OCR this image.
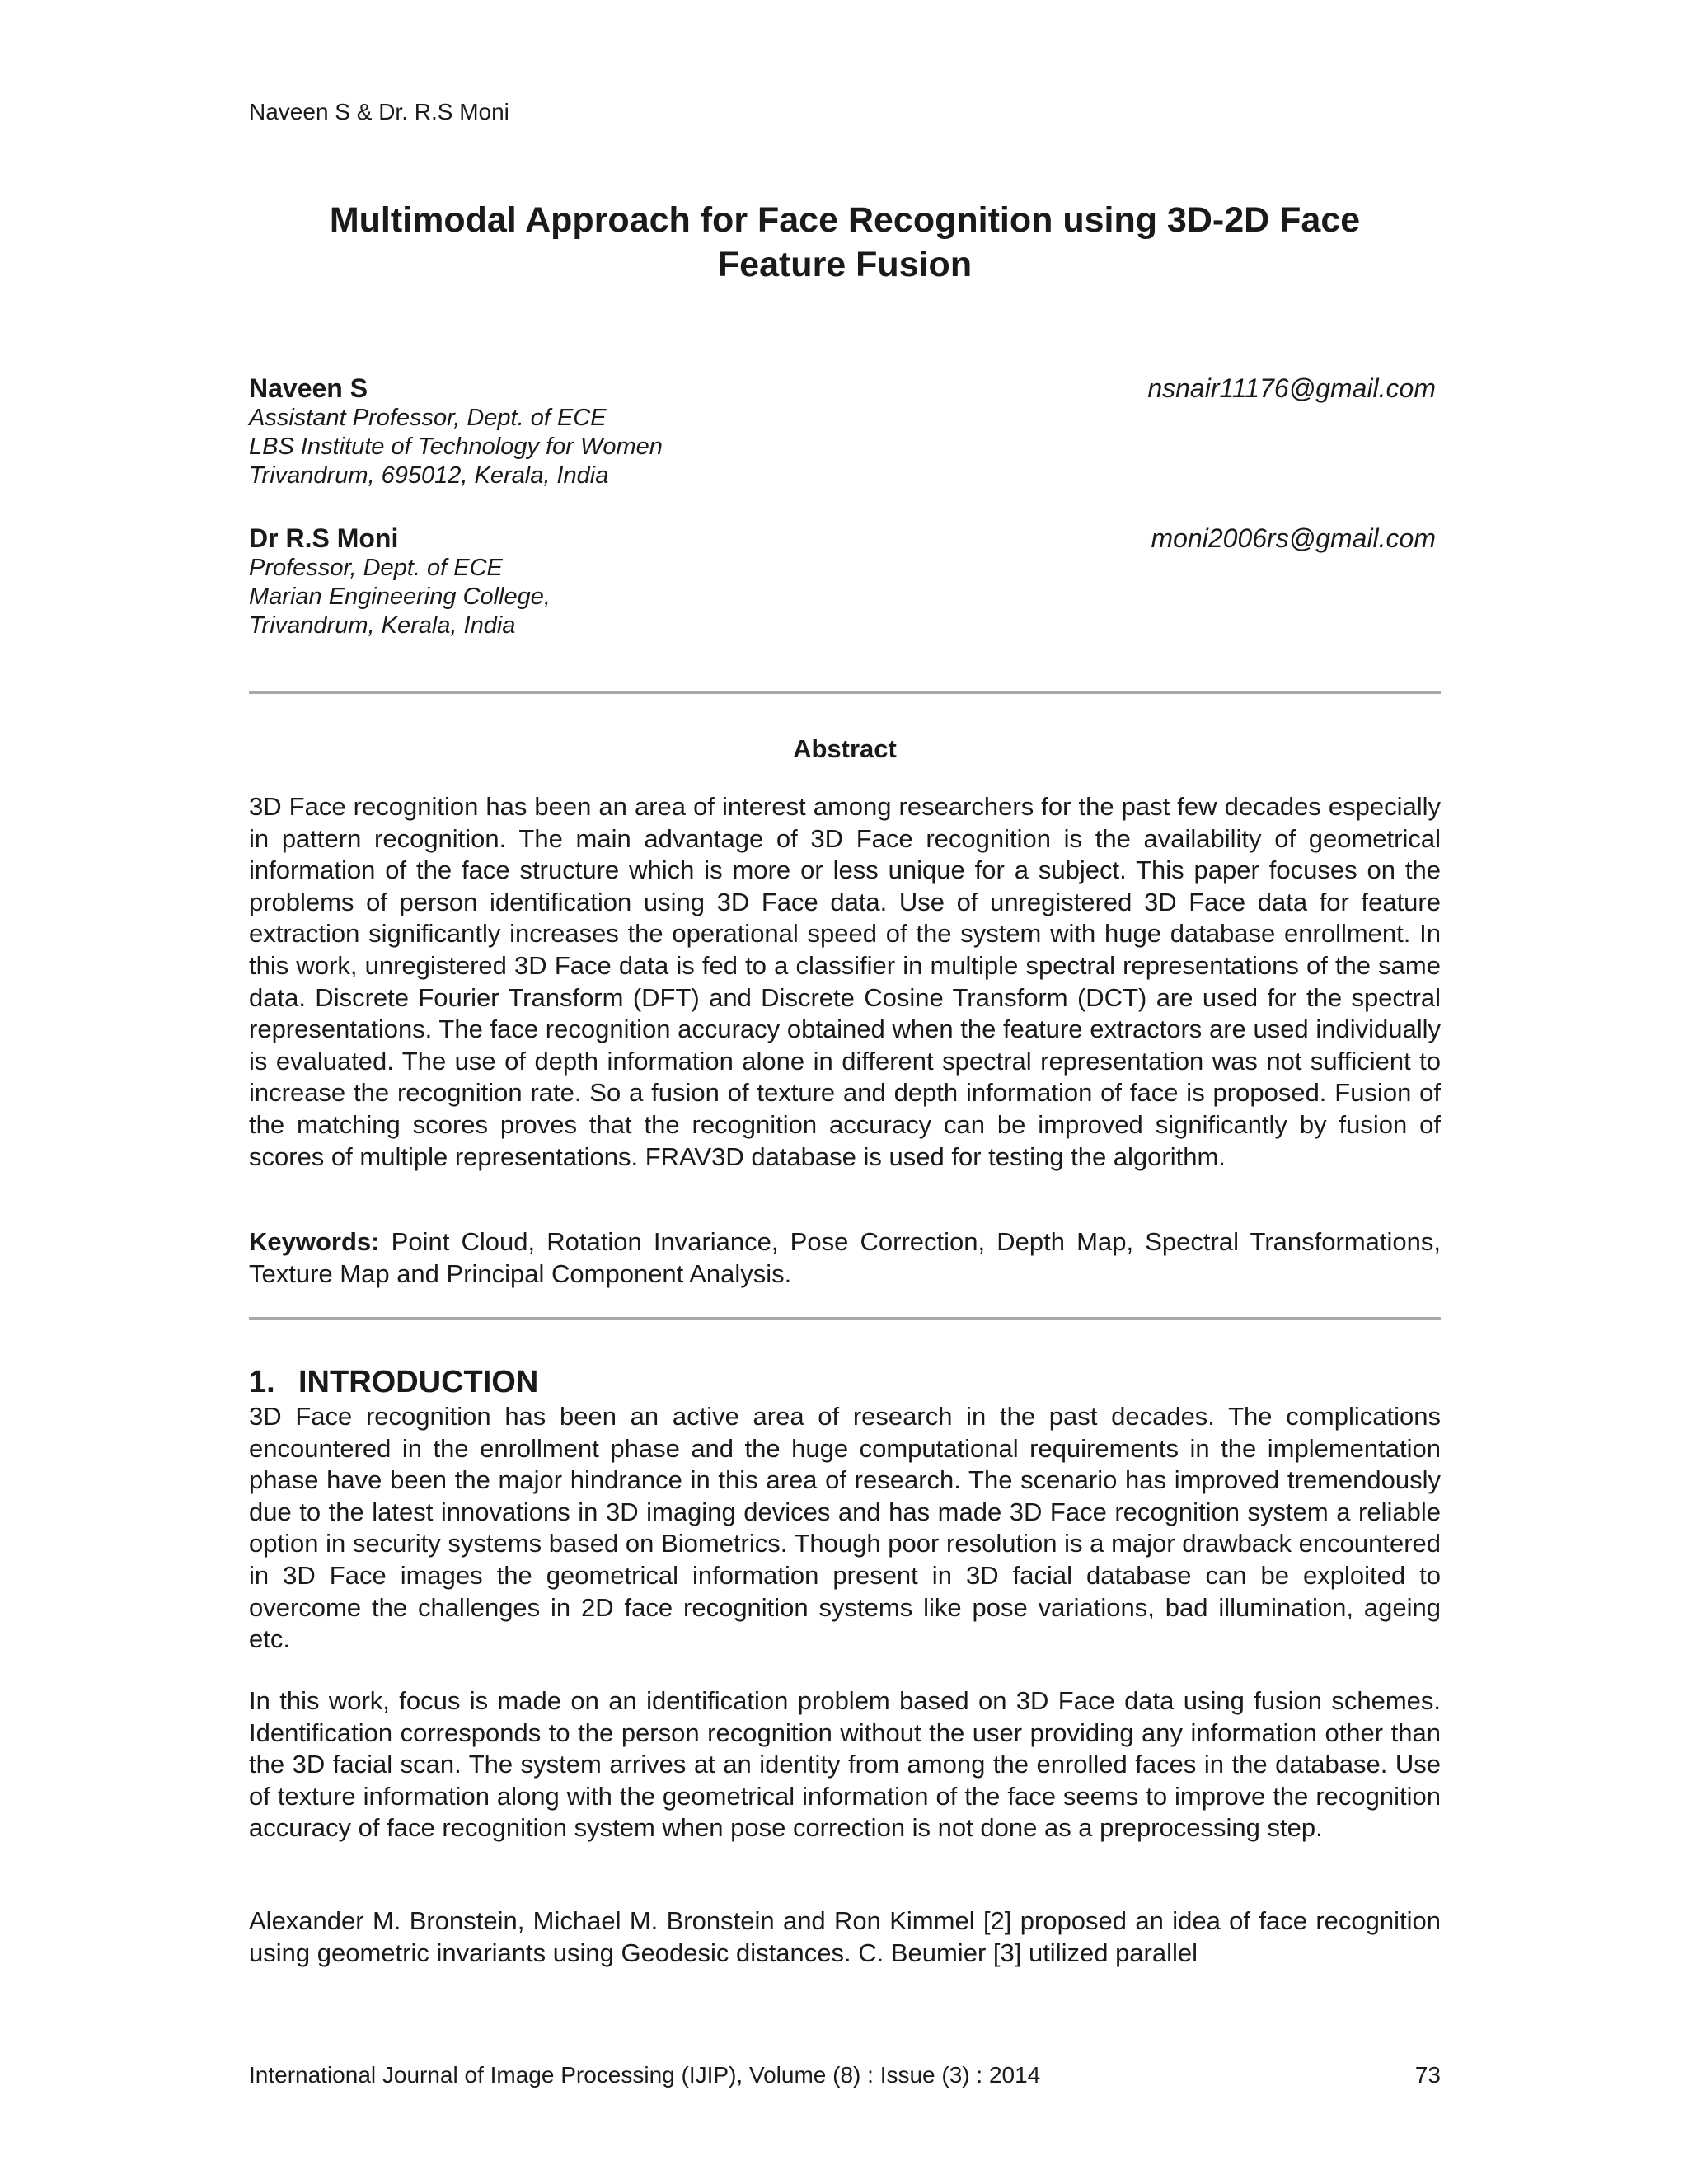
Naveen S & Dr. R.S Moni
Multimodal Approach for Face Recognition using 3D-2D Face
Feature Fusion
Naveen S	nsnair11176@gmail.com
Assistant Professor, Dept. of ECE
LBS Institute of Technology for Women
Trivandrum, 695012, Kerala, India
Dr R.S Moni	moni2006rs@gmail.com
Professor, Dept. of ECE
Marian Engineering College,
Trivandrum, Kerala, India
Abstract

3D Face recognition has been an area of interest among researchers for the past few decades especially in pattern recognition. The main advantage of 3D Face recognition is the availability of geometrical information of the face structure which is more or less unique for a subject. This paper focuses on the problems of person identification using 3D Face data. Use of unregistered 3D Face data for feature extraction significantly increases the operational speed of the system with huge database enrollment. In this work, unregistered 3D Face data is fed to a classifier in multiple spectral representations of the same data. Discrete Fourier Transform (DFT) and Discrete Cosine Transform (DCT) are used for the spectral representations. The face recognition accuracy obtained when the feature extractors are used individually is evaluated. The use of depth information alone in different spectral representation was not sufficient to increase the recognition rate. So a fusion of texture and depth information of face is proposed. Fusion of the matching scores proves that the recognition accuracy can be improved significantly by fusion of scores of multiple representations. FRAV3D database is used for testing the algorithm.

Keywords: Point Cloud, Rotation Invariance, Pose Correction, Depth Map, Spectral Transformations, Texture Map and Principal Component Analysis.

1. INTRODUCTION

3D Face recognition has been an active area of research in the past decades. The complications encountered in the enrollment phase and the huge computational requirements in the implementation phase have been the major hindrance in this area of research. The scenario has improved tremendously due to the latest innovations in 3D imaging devices and has made 3D Face recognition system a reliable option in security systems based on Biometrics. Though poor resolution is a major drawback encountered in 3D Face images the geometrical information present in 3D facial database can be exploited to overcome the challenges in 2D face recognition systems like pose variations, bad illumination, ageing etc.

In this work, focus is made on an identification problem based on 3D Face data using fusion schemes. Identification corresponds to the person recognition without the user providing any information other than the 3D facial scan. The system arrives at an identity from among the enrolled faces in the database. Use of texture information along with the geometrical information of the face seems to improve the recognition accuracy of face recognition system when pose correction is not done as a preprocessing step.

Alexander M. Bronstein, Michael M. Bronstein and Ron Kimmel [2] proposed an idea of face recognition using geometric invariants using Geodesic distances. C. Beumier [3] utilized parallel

International Journal of Image Processing (IJIP), Volume (8) : Issue (3) : 2014	73
